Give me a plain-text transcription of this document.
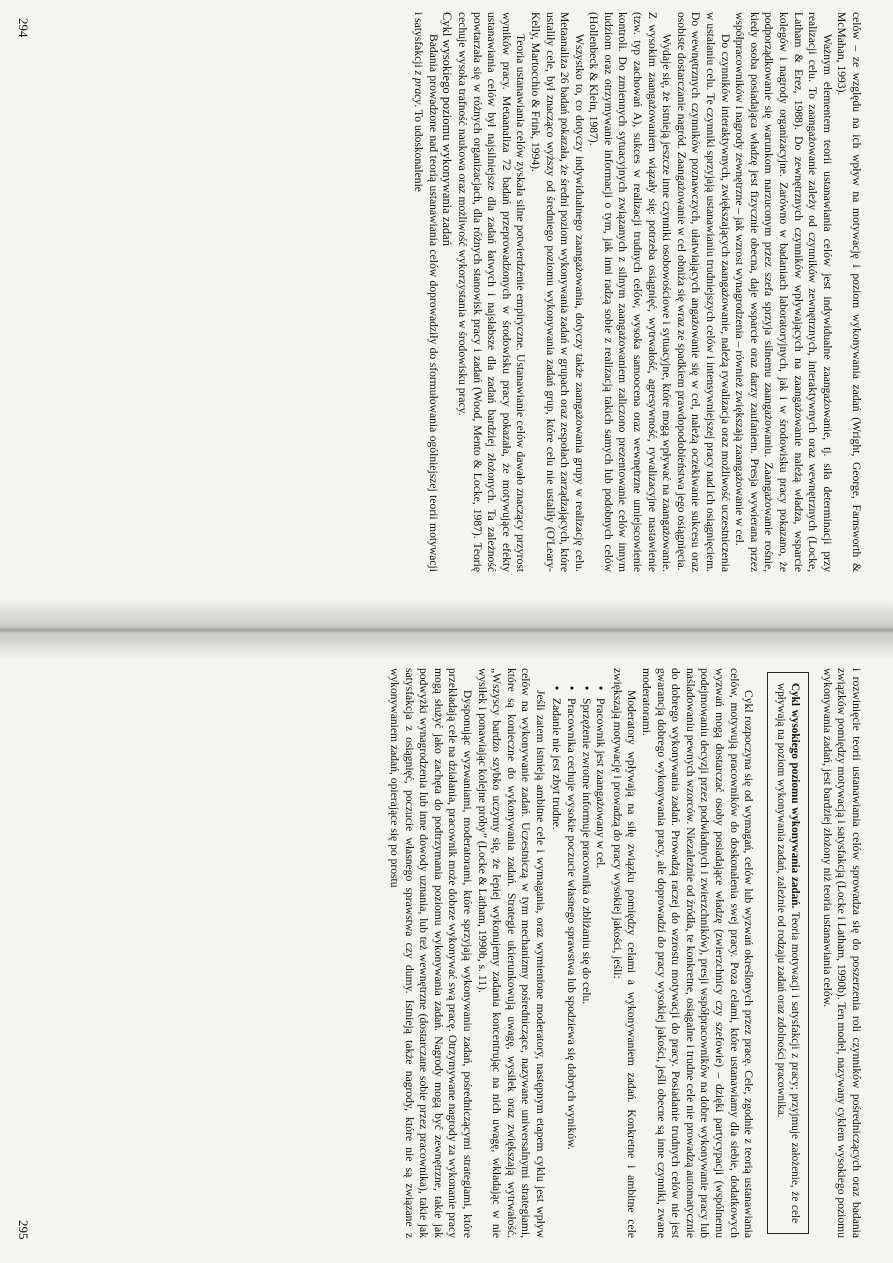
celów – ze względu na ich wpływ na motywację i poziom wykonywania zadań (Wright, George, Farnsworth & McMahan, 1993).

Ważnym elementem teorii ustanawiania celów jest indywidualne zaangażowanie, tj. siła determinacji przy realizacji celu. To zaangażowanie zależy od czynników zewnętrznych, interaktywnych oraz wewnętrznych (Locke, Latham & Erez, 1988). Do zewnętrznych czynników wpływających na zaangażowanie należą władza, wsparcie kolegów i nagrody organizacyjne. Zarówno w badaniach laboratoryjnych, jak i w środowisku pracy pokazano, że podporządkowanie się warunkom narzuconym przez szefa sprzyja silnemu zaangażowaniu. Zaangażowanie rośnie, kiedy osoba posiadająca władzę jest fizycznie obecna, daje wsparcie oraz darzy zaufaniem. Presja wywierana przez współpracowników i nagrody zewnętrzne – jak wzrost wynagrodzenia – również zwiększają zaangażowanie w cel.

Do czynników interaktywnych, zwiększających zaangażowanie, należą rywalizacja oraz możliwość uczestniczenia w ustalaniu celu. Te czynniki sprzyjają ustanawianiu trudniejszych celów i intensywniejszej pracy nad ich osiągnięciem. Do wewnętrznych czynników poznawczych, ułatwiających angażowanie się w cel, należą oczekiwanie sukcesu oraz osobiste dostarczanie nagród. Zaangażowanie w cel obniża się wraz ze spadkiem prawdopodobieństwa jego osiągnięcia.

Wydaje się, że istnieją jeszcze inne czynniki osobowościowe i sytuacyjne, które mogą wpływać na zaangażowanie. Z wysokim zaangażowaniem wiązały się: potrzeba osiągnięć, wytrwałość, agresywność, rywalizacyjne nastawienie (tzw. typ zachowań A), sukces w realizacji trudnych celów, wysoka samoocena oraz wewnętrzne umiejscowienie kontroli. Do zmiennych sytuacyjnych związanych z silnym zaangażowaniem zaliczono prezentowanie celów innym ludziom oraz otrzymywanie informacji o tym, jak inni radzą sobie z realizacją takich samych lub podobnych celów (Hollenbeck & Klein, 1987).

Wszystko to, co dotyczy indywidualnego zaangażowania, dotyczy także zaangażowania grupy w realizację celu. Metaanaliza 26 badań pokazała, że średni poziom wykonywania zadań w grupach oraz zespołach zarządzających, które ustaliły cele, był znacząco wyższy od średniego poziomu wykonywania zadań grup, które celu nie ustaliły (O'Leary-Kelly, Martocchio & Frink, 1994).

Teoria ustanawiania celów zyskała silne potwierdzenie empiryczne. Ustanawianie celów dawało znaczący przyrost wyników pracy. Metaanaliza 72 badań przeprowadzonych w środowisku pracy pokazała, że motywujące efekty ustanawiania celów był najsilniejsze dla zadań łatwych i najsłabsze dla zadań bardziej złożonych. Ta zależność powtarzała się w różnych organizacjach, dla różnych stanowisk pracy i zadań (Wood, Mento & Locke, 1987). Teorię cechuje wysoka trafność naukowa oraz możliwość wykorzystania w środowisku pracy.

Cykl wysokiego poziomu wykonywania zadań

Badania prowadzone nad teorią ustanawiania celów doprowadziły do sformułowania ogólniejszej teorii motywacji i satysfakcji z pracy. To udoskonalenie

294

i rozwinięcie teorii ustanawiania celów sprowadza się do poszerzenia roli czynników pośredniczących oraz badania związków pomiędzy motywacją i satysfakcją (Locke i Latham, 1990b). Ten model, nazywany cyklem wysokiego poziomu wykonywania zadań, jest bardziej złożony niż teoria ustanawiania celów.

Cykl wysokiego poziomu wykonywania zadań. Teoria motywacji i satysfakcji z pracy; przyjmuje założenie, że cele wpływają na poziom wykonywania zadań, zależnie od rodzaju zadań oraz zdolności pracownika.

Cykl rozpoczyna się od wymagań, celów lub wyzwań określonych przez pracę. Cele, zgodnie z teorią ustanawiania celów, motywują pracowników do doskonalenia swej pracy. Poza celami, które ustanawiamy dla siebie, dodatkowych wyzwań mogą dostarczać osoby posiadające władzę (zwierzchnicy czy szefowie) – dzięki partycypacji (wspólnemu podejmowaniu decyzji przez podwładnych i zwierzchników), presji współpracowników na dobre wykonywanie pracy lub naśladowaniu pewnych wzorców. Niezależnie od źródła, te konkretne, osiągalne i trudne cele nie prowadzą automatycznie do dobrego wykonywania zadań. Prowadzą raczej do wzrostu motywacji do pracy. Posiadanie trudnych celów nie jest gwarancją dobrego wykonywania pracy, ale doprowadzi do pracy wysokiej jakości, jeśli obecne są inne czynniki, zwane moderatorami.

Moderatory wpływają na siłę związku pomiędzy celami a wykonywaniem zadań. Konkretne i ambitne cele zwiększają motywację i prowadzą do pracy wysokiej jakości, jeśli:

• Pracownik jest zaangażowany w cel.
• Sprzężenie zwrotne informuje pracownika o zbliżaniu się do celu.
• Pracownika cechuje wysokie poczucie własnego sprawstwa lub spodziewa się dobrych wyników.
• Zadanie nie jest zbyt trudne.

Jeśli zatem istnieją ambitne cele i wymagania, oraz wymienione moderatory, następnym etapem cyklu jest wpływ celów na wykonywanie zadań. Uczestniczą w tym mechanizmy pośredniczące, nazywane uniwersalnymi strategiami, które są konieczne do wykonywania zadań. Strategie ukierunkowują uwagę, wysiłek oraz zwiększają wytrwałość. „Wszyscy bardzo szybko uczymy się, że lepiej wykonujemy zadania koncentrując na nich uwagę, wkładając w nie wysiłek i ponawiając kolejne próby” (Locke & Latham, 1990b, s. 11).

Dysponując wyzwaniami, moderatorami, które sprzyjają wykonywaniu zadań, pośredniczącymi strategiami, które przekładają cele na działania, pracownik może dobrze wykonywać swą pracę. Otrzymywane nagrody za wykonanie pracy mogą służyć jako zachęta do podtrzymania poziomu wykonywania zadań. Nagrody mogą być zewnętrzne, takie jak podwyżki wynagrodzenia lub inne dowody uznania, lub też wewnętrzne (dostarczane sobie przez pracownika), takie jak satysfakcja z osiągnięć, poczucie własnego sprawstwa czy dumy. Istnieją także nagrody, które nie są związane z wykonywaniem zadań, opierające się po prostu

295
